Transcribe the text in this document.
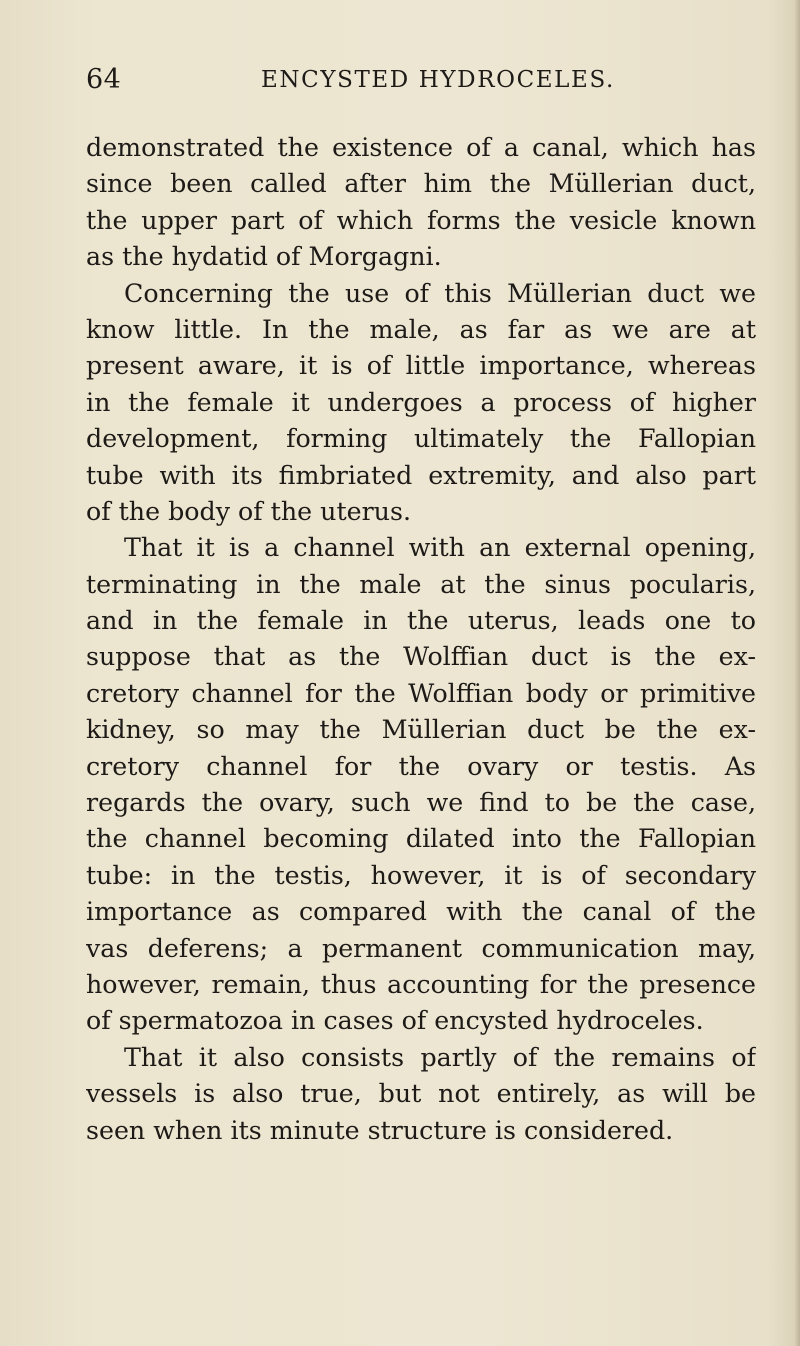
64	ENCYSTED HYDROCELES.
demonstrated the existence of a canal, which has
since been called after him the Müllerian duct,
the upper part of which forms the vesicle known
as the hydatid of Morgagni.
Concerning the use of this Müllerian duct we
know little. In the male, as far as we are at
present aware, it is of little importance, whereas
in the female it undergoes a process of higher
development, forming ultimately the Fallopian
tube with its fimbriated extremity, and also part
of the body of the uterus.
That it is a channel with an external opening,
terminating in the male at the sinus pocularis,
and in the female in the uterus, leads one to
suppose that as the Wolffian duct is the ex-
cretory channel for the Wolffian body or primitive
kidney, so may the Müllerian duct be the ex-
cretory channel for the ovary or testis. As
regards the ovary, such we find to be the case,
the channel becoming dilated into the Fallopian
tube: in the testis, however, it is of secondary
importance as compared with the canal of the
vas deferens; a permanent communication may,
however, remain, thus accounting for the presence
of spermatozoa in cases of encysted hydroceles.
That it also consists partly of the remains of
vessels is also true, but not entirely, as will be
seen when its minute structure is considered.
